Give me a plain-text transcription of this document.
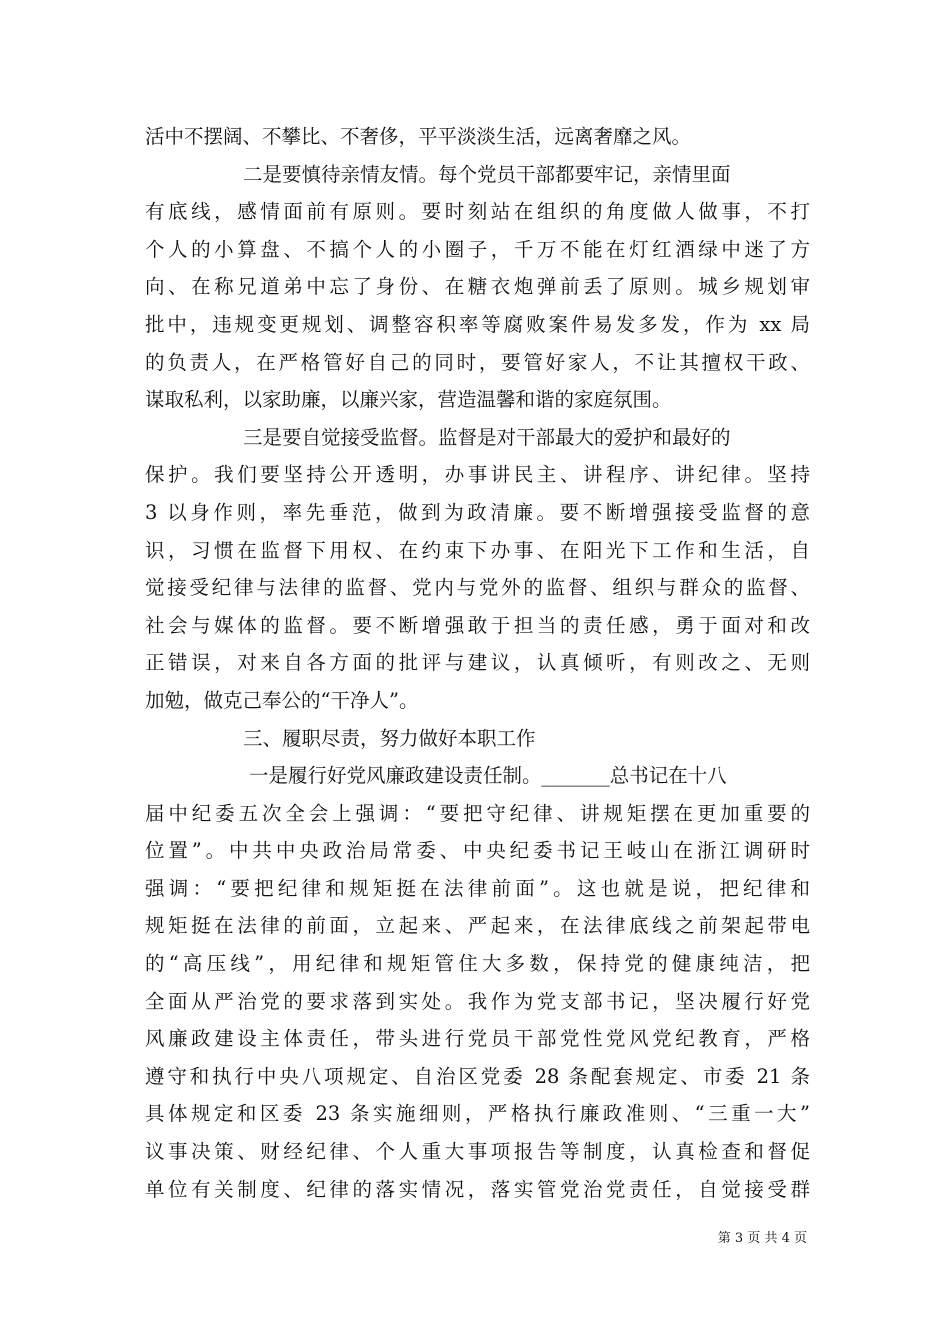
活中不摆阔、不攀比、不奢侈，平平淡淡生活，远离奢靡之风。
二是要慎待亲情友情。每个党员干部都要牢记，亲情里面
有底线，感情面前有原则。要时刻站在组织的角度做人做事，不打
个人的小算盘、不搞个人的小圈子，千万不能在灯红酒绿中迷了方
向、在称兄道弟中忘了身份、在糖衣炮弹前丢了原则。城乡规划审
批中，违规变更规划、调整容积率等腐败案件易发多发，作为 xx 局
的负责人，在严格管好自己的同时，要管好家人，不让其擅权干政、
谋取私利，以家助廉，以廉兴家，营造温馨和谐的家庭氛围。
三是要自觉接受监督。监督是对干部最大的爱护和最好的
保护。我们要坚持公开透明，办事讲民主、讲程序、讲纪律。坚持
3 以身作则，率先垂范，做到为政清廉。要不断增强接受监督的意
识，习惯在监督下用权、在约束下办事、在阳光下工作和生活，自
觉接受纪律与法律的监督、党内与党外的监督、组织与群众的监督、
社会与媒体的监督。要不断增强敢于担当的责任感，勇于面对和改
正错误，对来自各方面的批评与建议，认真倾听，有则改之、无则
加勉，做克己奉公的“干净人”。
三、履职尽责，努力做好本职工作
一是履行好党风廉政建设责任制。_______总书记在十八
届中纪委五次全会上强调：“要把守纪律、讲规矩摆在更加重要的
位置”。中共中央政治局常委、中央纪委书记王岐山在浙江调研时
强调：“要把纪律和规矩挺在法律前面”。这也就是说，把纪律和
规矩挺在法律的前面，立起来、严起来，在法律底线之前架起带电
的“高压线”，用纪律和规矩管住大多数，保持党的健康纯洁，把
全面从严治党的要求落到实处。我作为党支部书记，坚决履行好党
风廉政建设主体责任，带头进行党员干部党性党风党纪教育，严格
遵守和执行中央八项规定、自治区党委 28 条配套规定、市委 21 条
具体规定和区委 23 条实施细则，严格执行廉政准则、“三重一大”
议事决策、财经纪律、个人重大事项报告等制度，认真检查和督促
单位有关制度、纪律的落实情况，落实管党治党责任，自觉接受群
第 3 页 共 4 页
